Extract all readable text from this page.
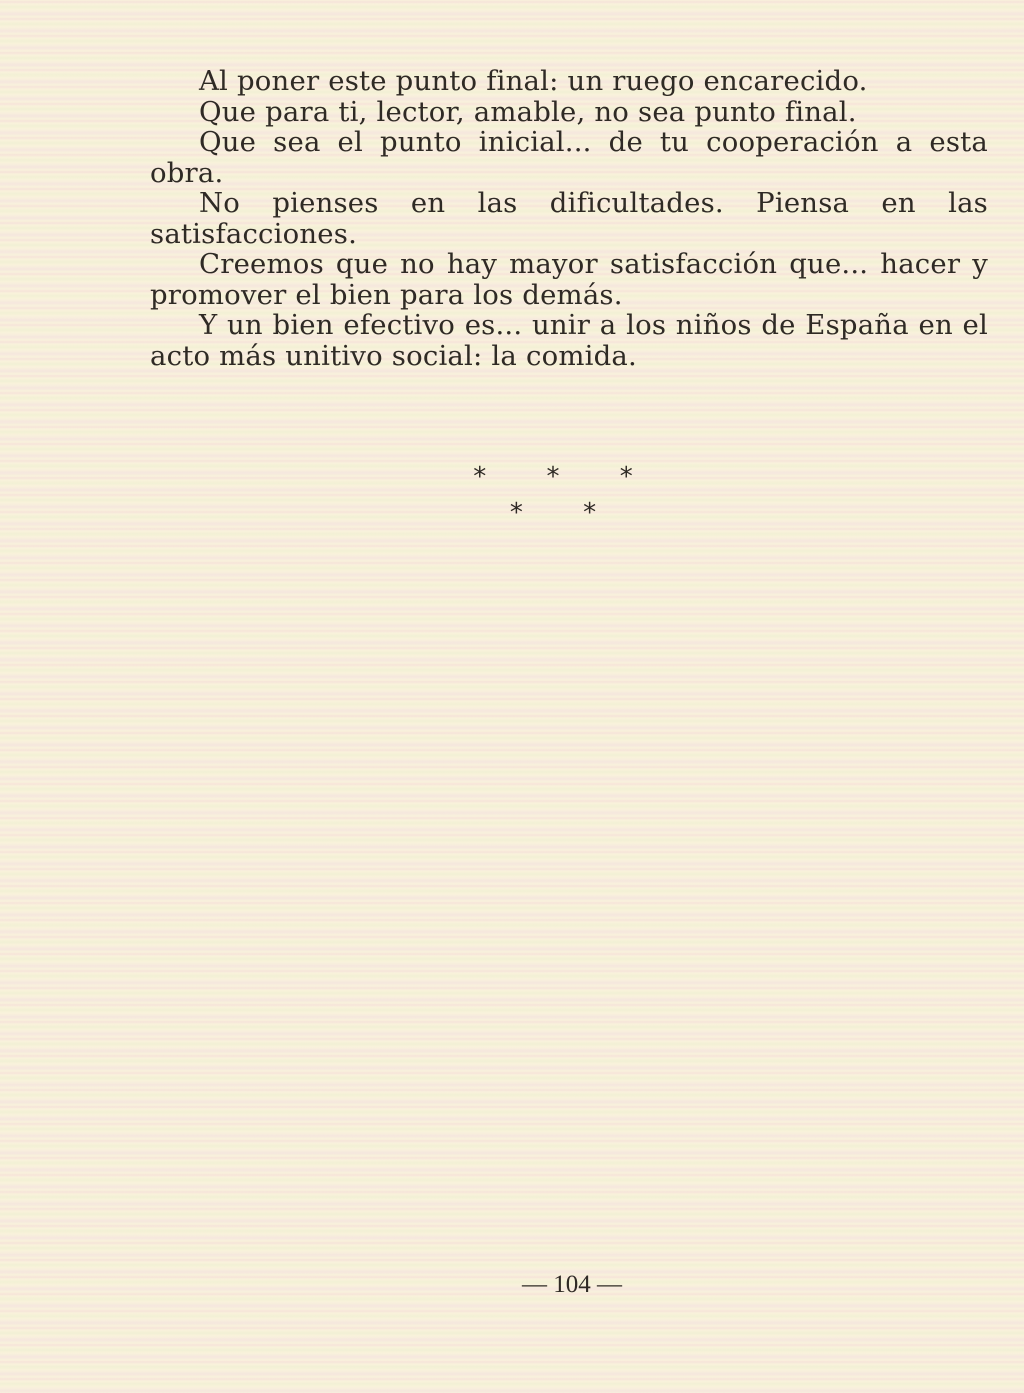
Al poner este punto final: un ruego encarecido.

Que para ti, lector, amable, no sea punto final.

Que sea el punto inicial... de tu cooperación a esta obra.

No pienses en las dificultades. Piensa en las satisfacciones.

Creemos que no hay mayor satisfacción que... hacer y promover el bien para los demás.

Y un bien efectivo es... unir a los niños de España en el acto más unitivo social: la comida.

* * *
* *
— 104 —
